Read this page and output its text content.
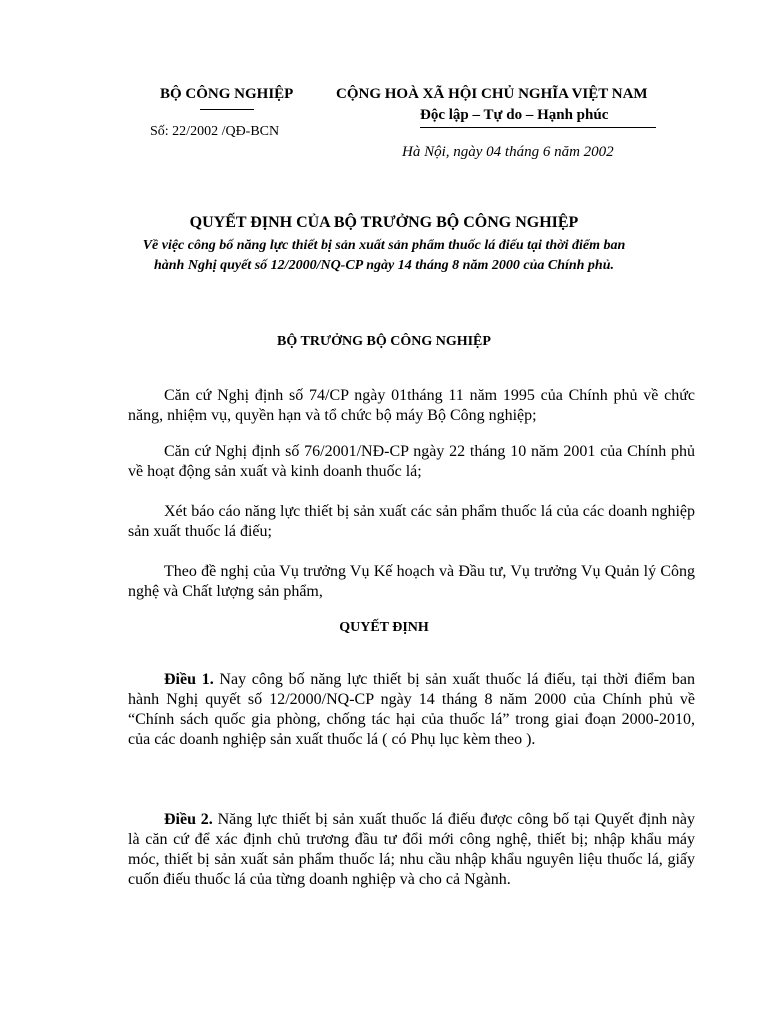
BỘ CÔNG NGHIỆP	CỘNG HOÀ XÃ HỘI CHỦ NGHĨA VIỆT NAM
Độc lập – Tự do – Hạnh phúc
Số: 22/2002 /QĐ-BCN
Hà Nội, ngày 04 tháng 6 năm 2002
QUYẾT ĐỊNH CỦA BỘ TRƯỞNG BỘ CÔNG NGHIỆP
Về việc công bố năng lực thiết bị sản xuất sản phẩm thuốc lá điếu tại thời điểm ban hành Nghị quyết số 12/2000/NQ-CP ngày 14 tháng 8 năm 2000 của Chính phủ.
BỘ TRƯỞNG BỘ CÔNG NGHIỆP
Căn cứ Nghị định số 74/CP ngày 01tháng 11 năm 1995 của Chính phủ về chức năng, nhiệm vụ, quyền hạn và tổ chức bộ máy Bộ Công nghiệp;
Căn cứ Nghị định số 76/2001/NĐ-CP ngày 22 tháng 10 năm 2001 của Chính phủ về hoạt động sản xuất và kinh doanh thuốc lá;
Xét báo cáo năng lực thiết bị sản xuất các sản phẩm thuốc lá của các doanh nghiệp sản xuất thuốc lá điếu;
Theo đề nghị của Vụ trưởng Vụ Kế hoạch và Đầu tư, Vụ trưởng Vụ Quản lý Công nghệ và Chất lượng sản phẩm,
QUYẾT ĐỊNH
Điều 1. Nay công bố năng lực thiết bị sản xuất thuốc lá điếu, tại thời điểm ban hành Nghị quyết số 12/2000/NQ-CP ngày 14 tháng 8 năm 2000 của Chính phủ về “Chính sách quốc gia phòng, chống tác hại của thuốc lá” trong giai đoạn 2000-2010, của các doanh nghiệp sản xuất thuốc lá ( có Phụ lục kèm theo ).
Điều 2. Năng lực thiết bị sản xuất thuốc lá điếu được công bố tại Quyết định này là căn cứ để xác định chủ trương đầu tư đổi mới công nghệ, thiết bị; nhập khẩu máy móc, thiết bị sản xuất sản phẩm thuốc lá; nhu cầu nhập khẩu nguyên liệu thuốc lá, giấy cuốn điếu thuốc lá của từng doanh nghiệp và cho cả Ngành.
